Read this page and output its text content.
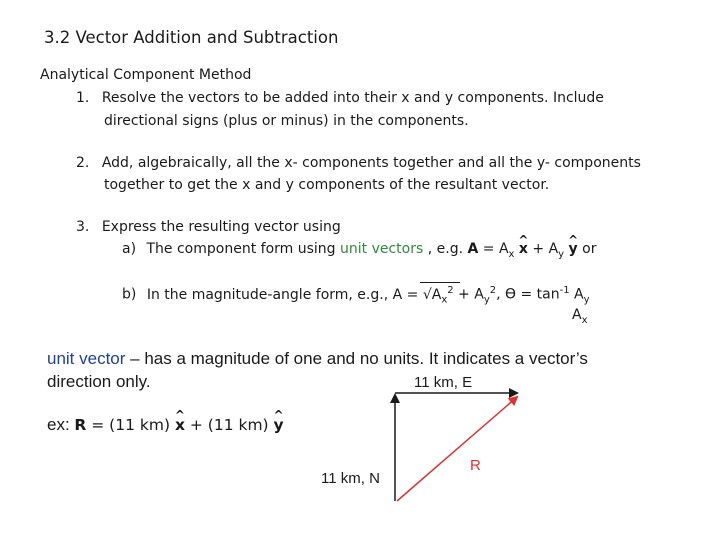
3.2 Vector Addition and Subtraction
Analytical Component Method
1. Resolve the vectors to be added into their x and y components. Include
directional signs (plus or minus) in the components.
2. Add, algebraically, all the x- components together and all the y- components
together to get the x and y components of the resultant vector.
3. Express the resulting vector using
a) The component form using unit vectors , e.g. $A = A_x$ ^ $x + A_y$ ^ y or
b) In the magnitude-angle form, e.g., $A = √A_x^2 + A_y^2$, $Ө = \tan^{-1} A_y$
$A_x$
unit vector – has a magnitude of one and no units. It indicates a vector’s
direction only.
ex: R = (11 km) ^ x + (11 km) ^ y
11 km, E
11 km, N
R
